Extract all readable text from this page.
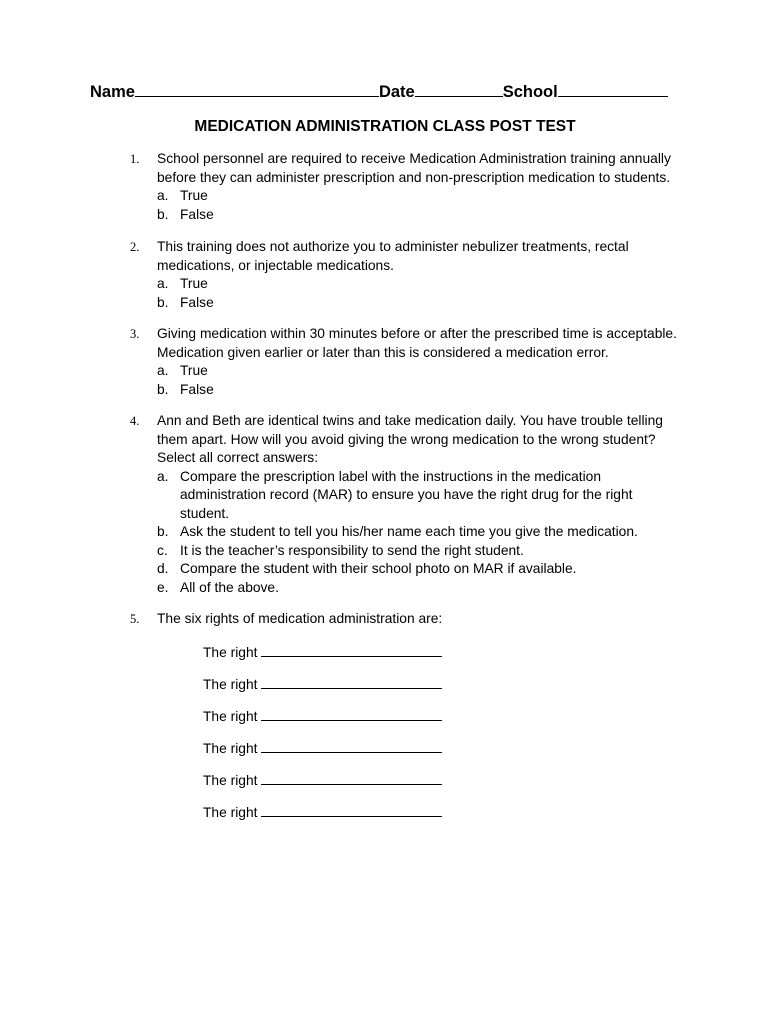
Name	Date	School
MEDICATION ADMINISTRATION CLASS POST TEST
1.	School personnel are required to receive Medication Administration training annually
before they can administer prescription and non-prescription medication to students.
a. True
b. False
2.	This training does not authorize you to administer nebulizer treatments, rectal
medications, or injectable medications.
a. True
b. False
3.	Giving medication within 30 minutes before or after the prescribed time is acceptable.
Medication given earlier or later than this is considered a medication error.
a. True
b. False
4.	Ann and Beth are identical twins and take medication daily. You have trouble telling
them apart. How will you avoid giving the wrong medication to the wrong student?
Select all correct answers:
a. Compare the prescription label with the instructions in the medication
administration record (MAR) to ensure you have the right drug for the right
student.
b. Ask the student to tell you his/her name each time you give the medication.
c. It is the teacher’s responsibility to send the right student.
d. Compare the student with their school photo on MAR if available.
e. All of the above.
5.	The six rights of medication administration are:
The right
The right
The right
The right
The right
The right
